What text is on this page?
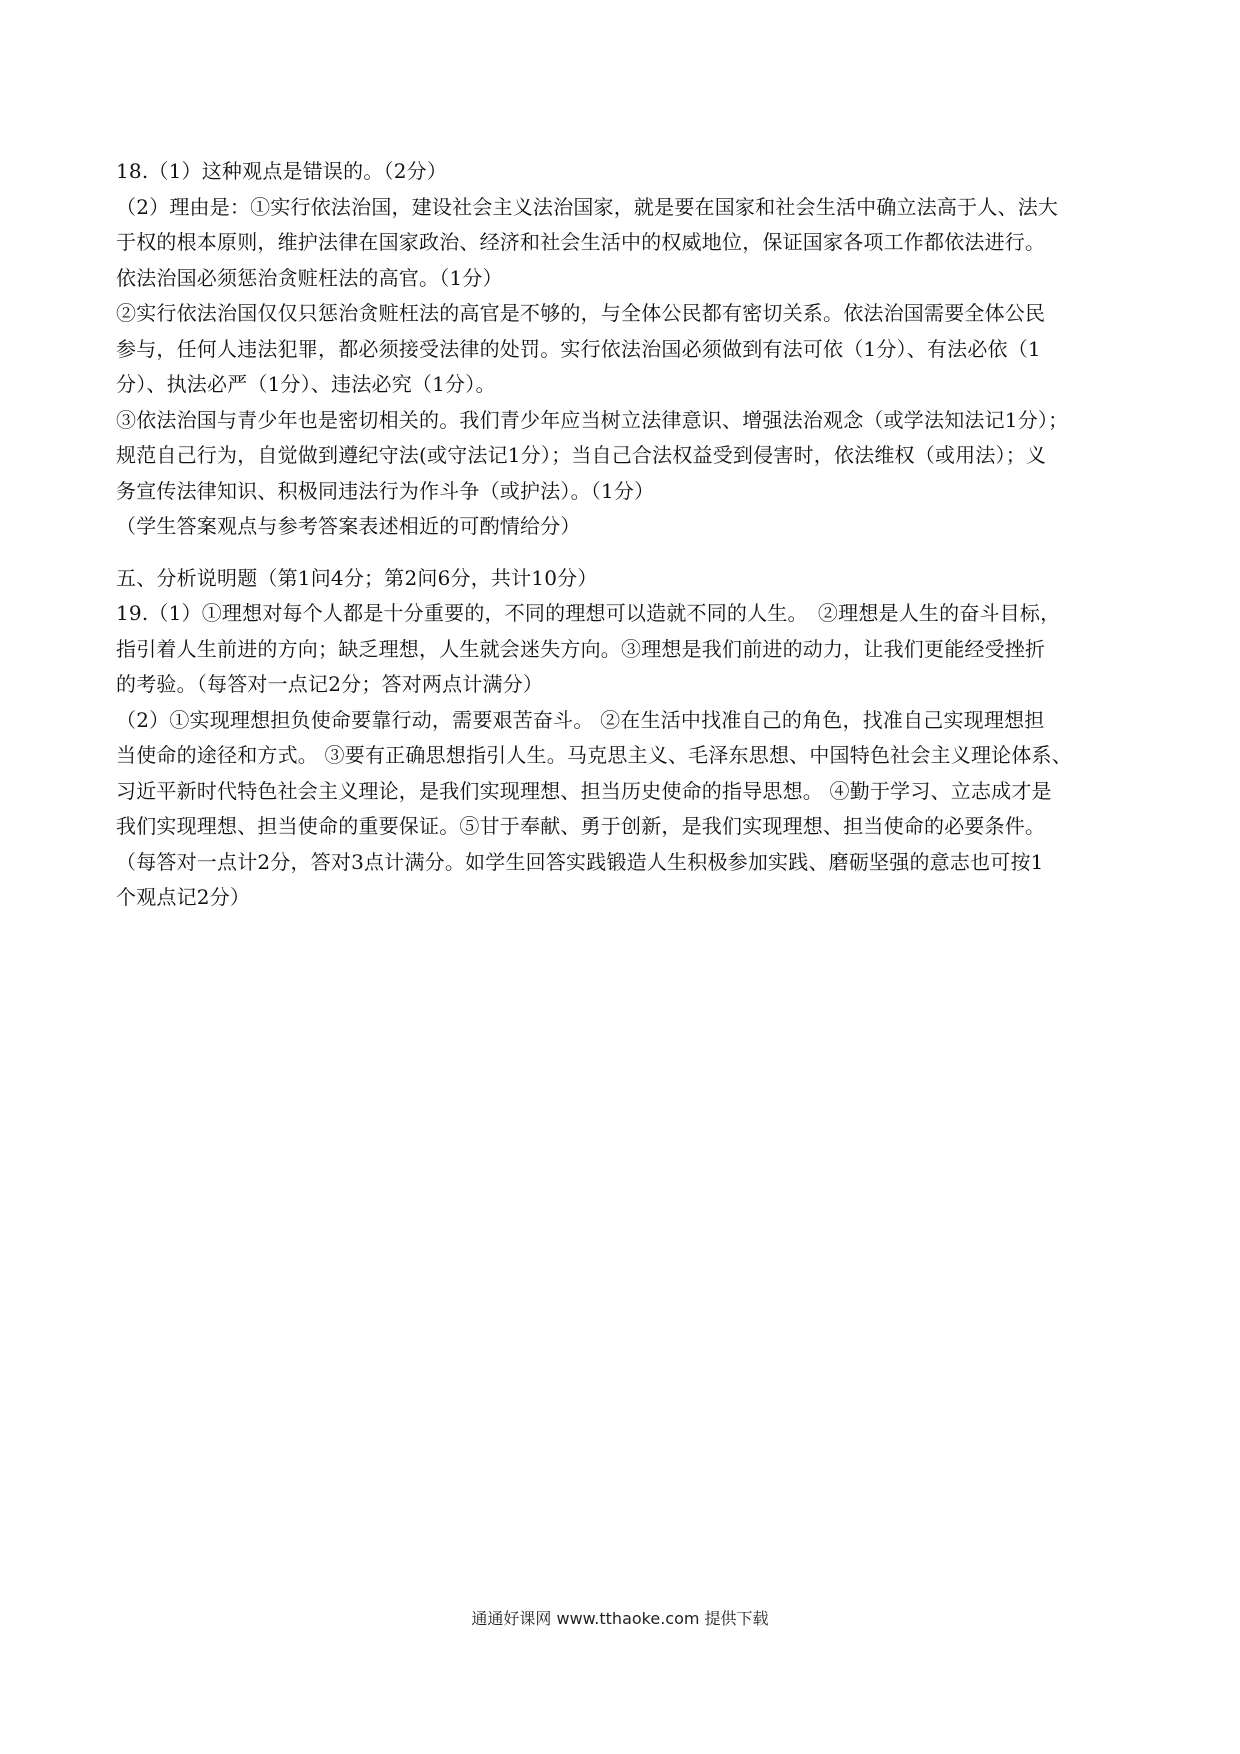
18.（1）这种观点是错误的。（2分）
（2）理由是：①实行依法治国，建设社会主义法治国家，就是要在国家和社会生活中确立法高于人、法大
于权的根本原则，维护法律在国家政治、经济和社会生活中的权威地位，保证国家各项工作都依法进行。
依法治国必须惩治贪赃枉法的高官。（1分）
②实行依法治国仅仅只惩治贪赃枉法的高官是不够的，与全体公民都有密切关系。依法治国需要全体公民
参与，任何人违法犯罪，都必须接受法律的处罚。实行依法治国必须做到有法可依（1分）、有法必依（1
分）、执法必严（1分）、违法必究（1分）。
③依法治国与青少年也是密切相关的。我们青少年应当树立法律意识、增强法治观念（或学法知法记1分）；
规范自己行为，自觉做到遵纪守法(或守法记1分）；当自己合法权益受到侵害时，依法维权（或用法）；义
务宣传法律知识、积极同违法行为作斗争（或护法）。（1分）
（学生答案观点与参考答案表述相近的可酌情给分）
五、分析说明题（第1问4分；第2问6分，共计10分）
19.（1）①理想对每个人都是十分重要的，不同的理想可以造就不同的人生。　②理想是人生的奋斗目标，
指引着人生前进的方向；缺乏理想，人生就会迷失方向。③理想是我们前进的动力，让我们更能经受挫折
的考验。（每答对一点记2分；答对两点计满分）
（2）①实现理想担负使命要靠行动，需要艰苦奋斗。 ②在生活中找准自己的角色，找准自己实现理想担
当使命的途径和方式。 ③要有正确思想指引人生。马克思主义、毛泽东思想、中国特色社会主义理论体系、
习近平新时代特色社会主义理论，是我们实现理想、担当历史使命的指导思想。 ④勤于学习、立志成才是
我们实现理想、担当使命的重要保证。⑤甘于奉献、勇于创新，是我们实现理想、担当使命的必要条件。
（每答对一点计2分，答对3点计满分。如学生回答实践锻造人生积极参加实践、磨砺坚强的意志也可按1
个观点记2分）
通通好课网 www.tthaoke.com 提供下载
